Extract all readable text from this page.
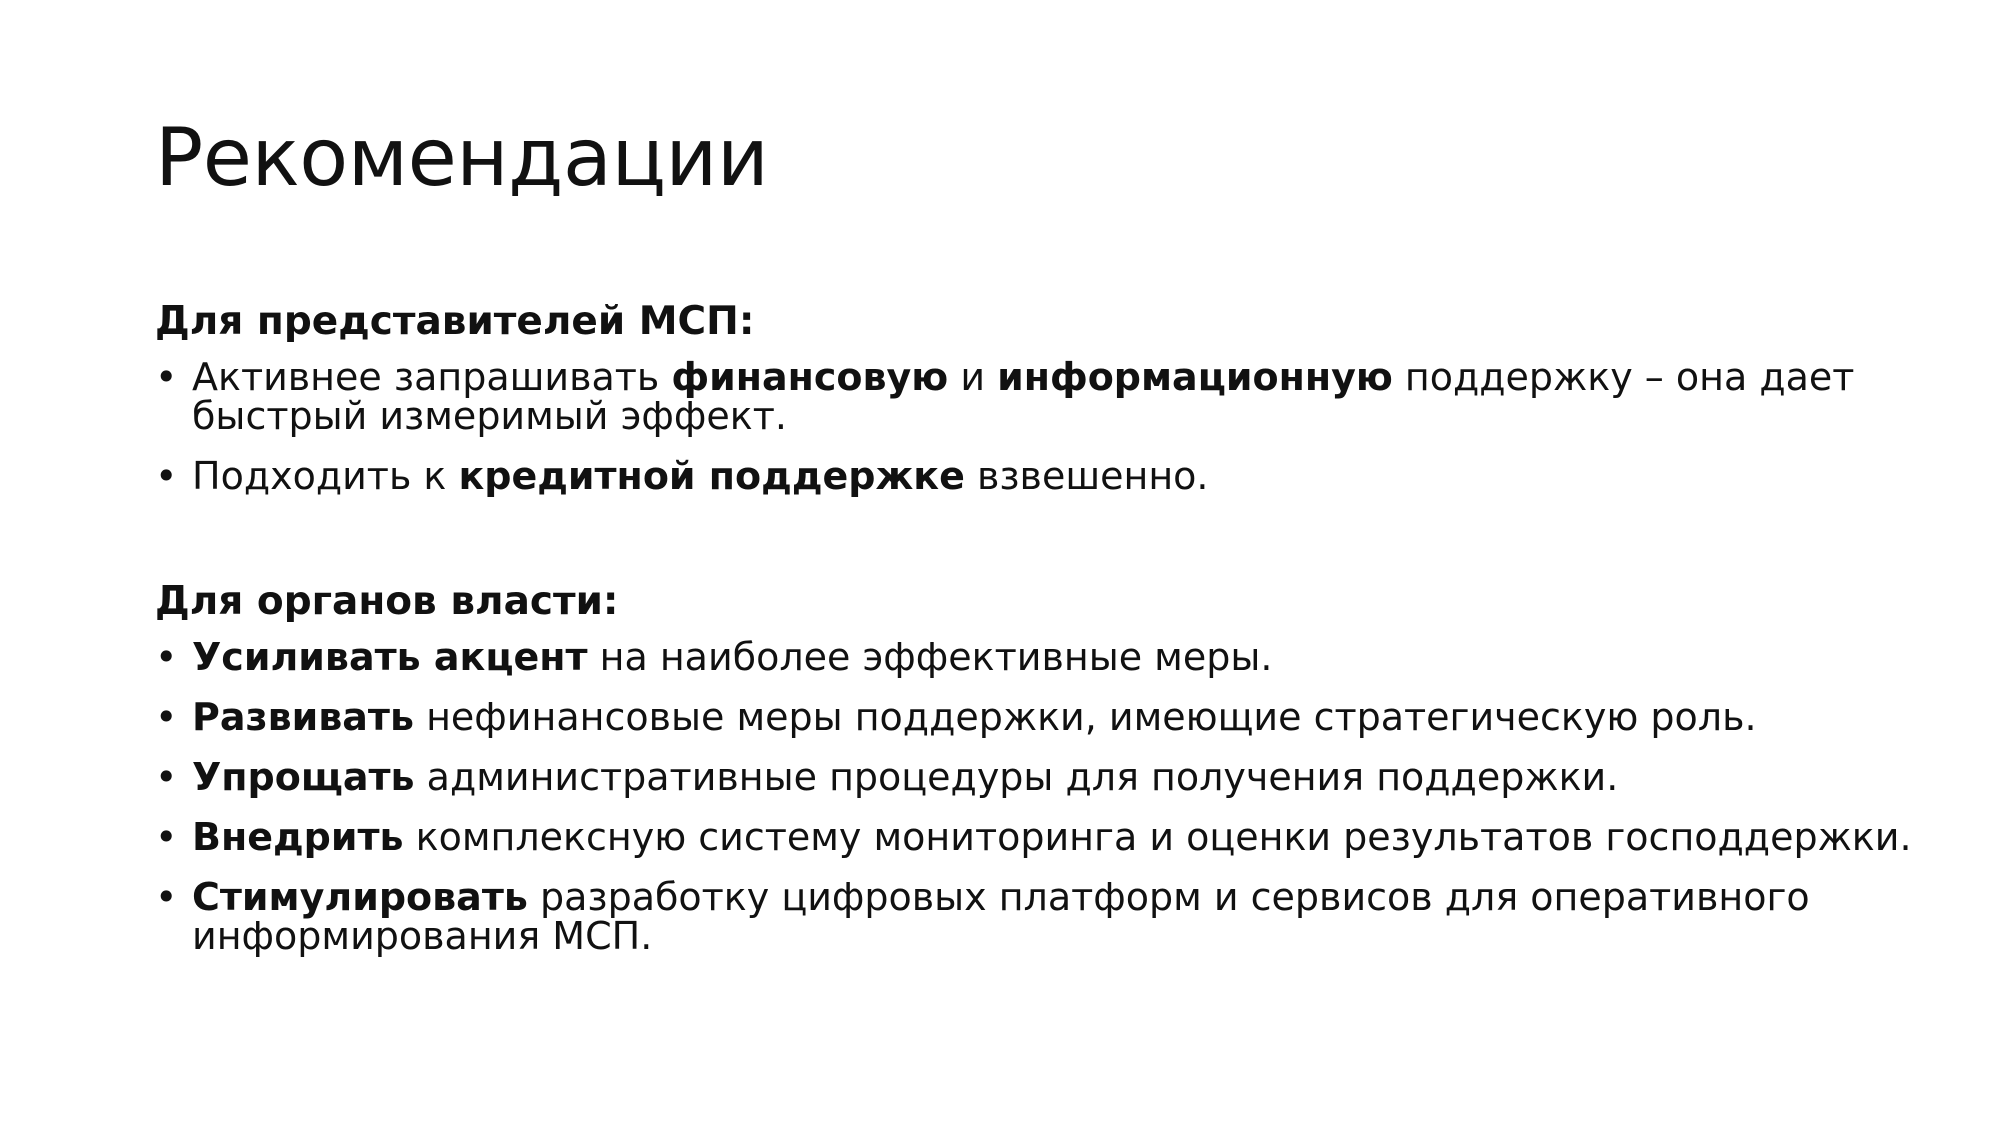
Рекомендации
Для представителей МСП:
• Активнее запрашивать финансовую и информационную поддержку – она дает быстрый измеримый эффект.
• Подходить к кредитной поддержке взвешенно.
Для органов власти:
• Усиливать акцент на наиболее эффективные меры.
• Развивать нефинансовые меры поддержки, имеющие стратегическую роль.
• Упрощать административные процедуры для получения поддержки.
• Внедрить комплексную систему мониторинга и оценки результатов господдержки.
• Стимулировать разработку цифровых платформ и сервисов для оперативного информирования МСП.
